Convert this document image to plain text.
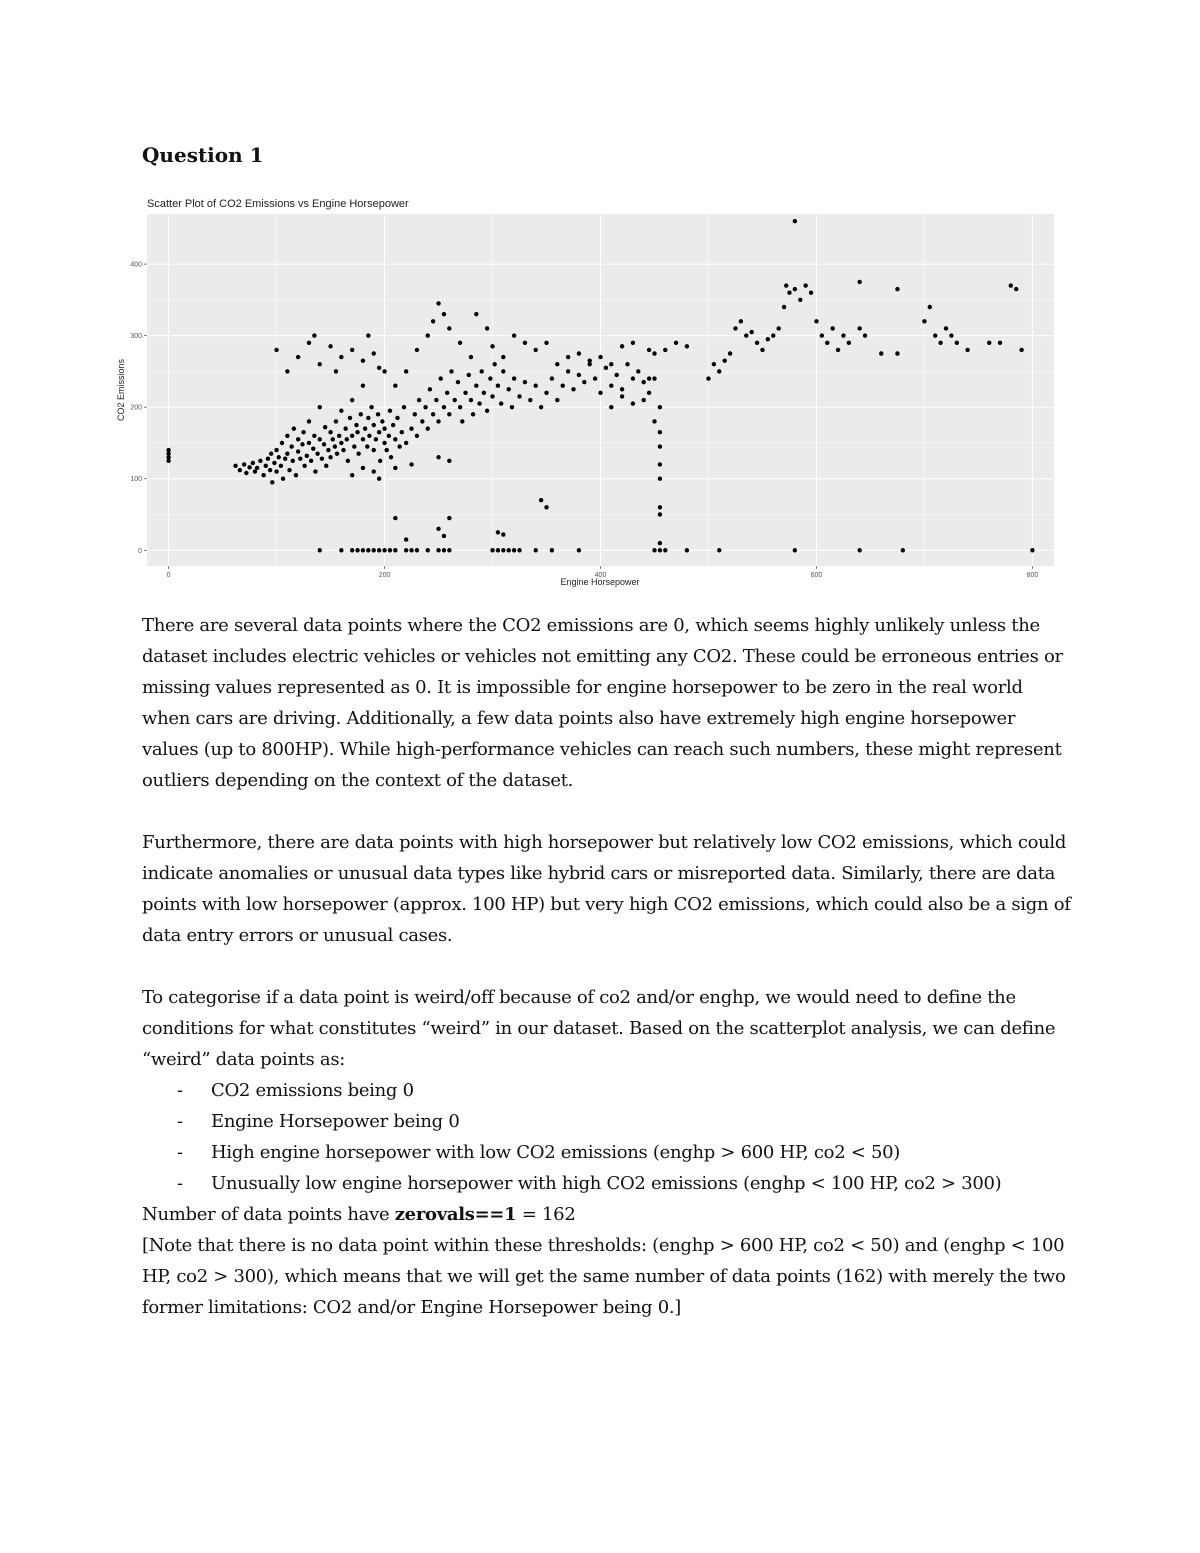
Question 1
Scatter Plot of CO2 Emissions vs Engine Horsepower
0	200	400	600	800
0
100
200
300
400
Engine Horsepower
CO2 Emissions

There are several data points where the CO2 emissions are 0, which seems highly unlikely unless the dataset includes electric vehicles or vehicles not emitting any CO2. These could be erroneous entries or missing values represented as 0. It is impossible for engine horsepower to be zero in the real world when cars are driving. Additionally, a few data points also have extremely high engine horsepower values (up to 800HP). While high-performance vehicles can reach such numbers, these might represent outliers depending on the context of the dataset.

Furthermore, there are data points with high horsepower but relatively low CO2 emissions, which could indicate anomalies or unusual data types like hybrid cars or misreported data. Similarly, there are data points with low horsepower (approx. 100 HP) but very high CO2 emissions, which could also be a sign of data entry errors or unusual cases.

To categorise if a data point is weird/off because of co2 and/or enghp, we would need to define the conditions for what constitutes “weird” in our dataset. Based on the scatterplot analysis, we can define “weird” data points as:

- CO2 emissions being 0
- Engine Horsepower being 0
- High engine horsepower with low CO2 emissions (enghp > 600 HP, co2 < 50)
- Unusually low engine horsepower with high CO2 emissions (enghp < 100 HP, co2 > 300)

Number of data points have zerovals==1 = 162

[Note that there is no data point within these thresholds: (enghp > 600 HP, co2 < 50) and (enghp < 100 HP, co2 > 300), which means that we will get the same number of data points (162) with merely the two former limitations: CO2 and/or Engine Horsepower being 0.]
